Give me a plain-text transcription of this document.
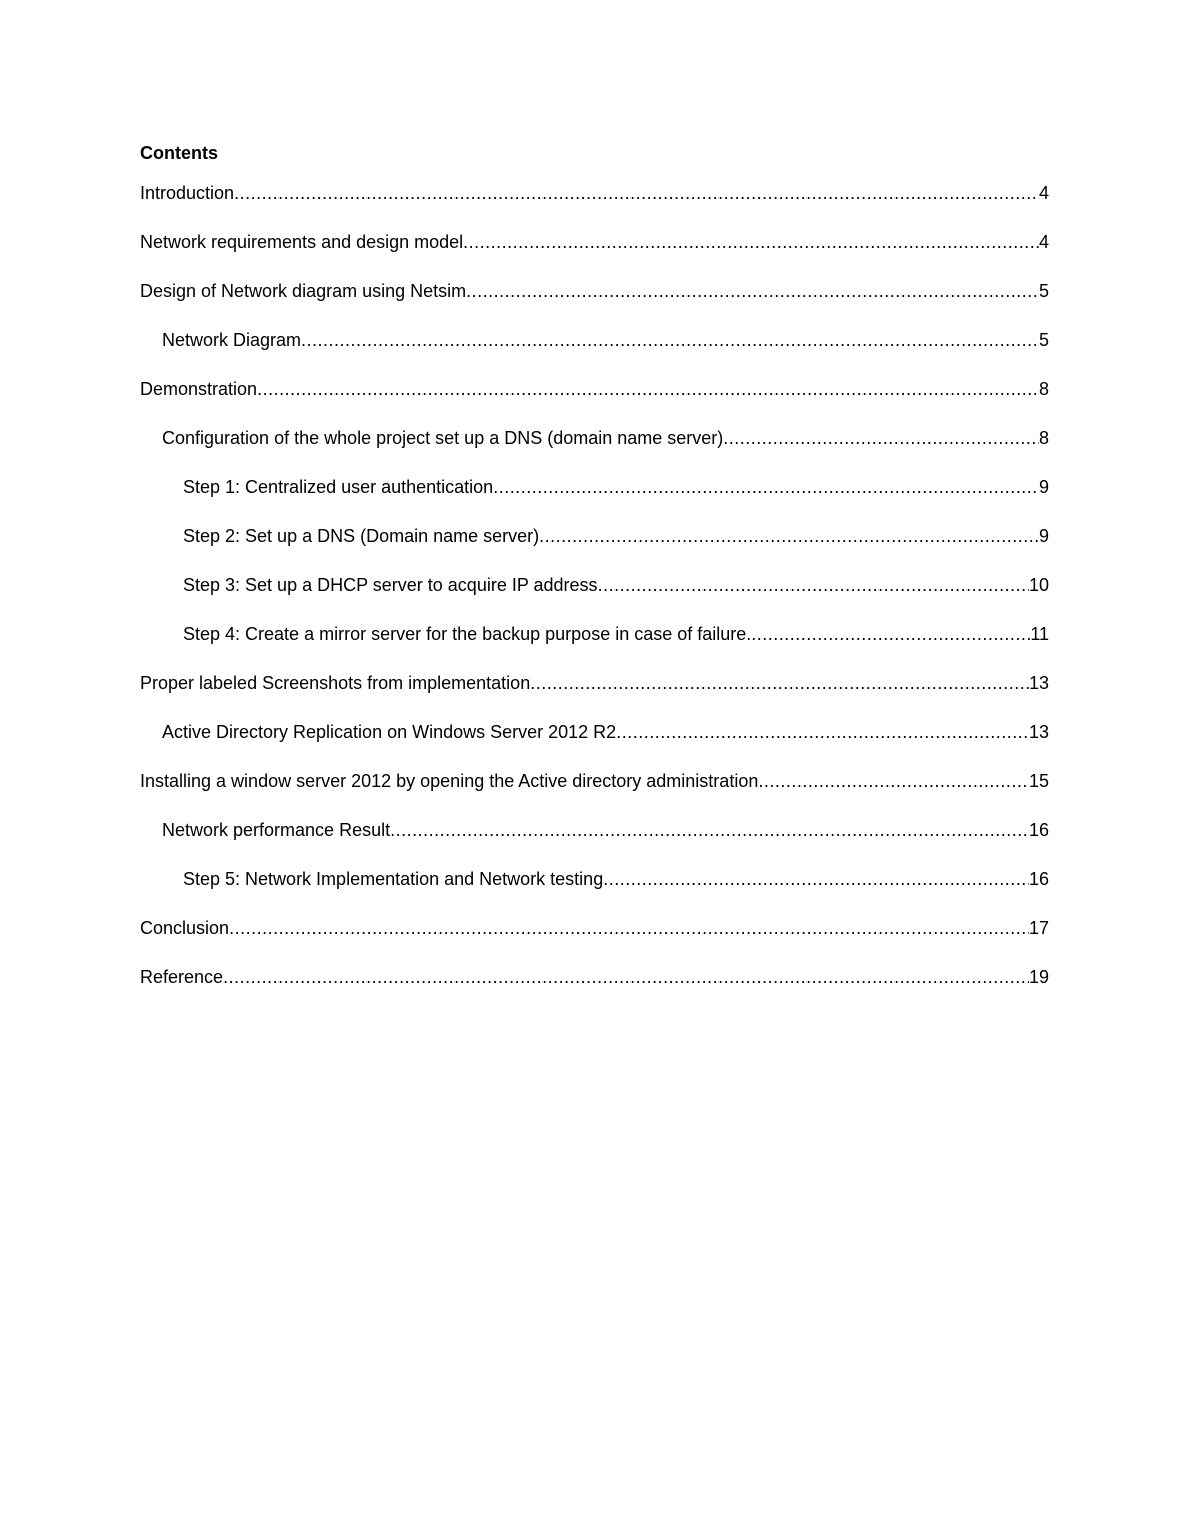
Contents
Introduction .....	4
Network requirements and design model .....	4
Design of Network diagram using Netsim .....	5
Network Diagram .....	5
Demonstration .....	8
Configuration of the whole project set up a DNS (domain name server) .....	8
Step 1: Centralized user authentication .....	9
Step 2: Set up a DNS (Domain name server) .....	9
Step 3: Set up a DHCP server to acquire IP address .....	10
Step 4: Create a mirror server for the backup purpose in case of failure. .....	11
Proper labeled Screenshots from implementation .....	13
Active Directory Replication on Windows Server 2012 R2 .....	13
Installing a window server 2012 by opening the Active directory administration .....	15
Network performance Result .....	16
Step 5: Network Implementation and Network testing .....	16
Conclusion .....	17
Reference .....	19
